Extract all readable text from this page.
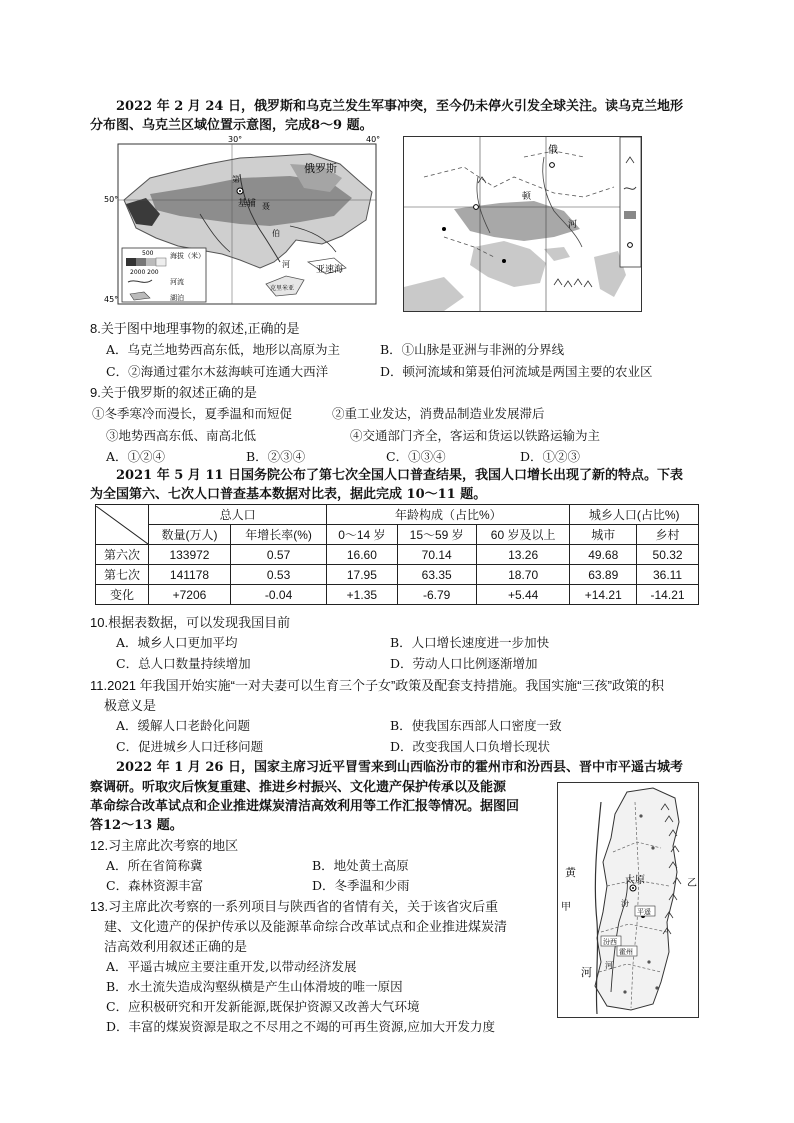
2022 年 2 月 24 日，俄罗斯和乌克兰发生军事冲突，至今仍未停火引发全球关注。读乌克兰地形
分布图、乌克兰区域位置示意图，完成8～9 题。
30°	40°
50°
45°
俄罗斯
基辅
第
聂
伯
河
亚速海
克里米亚
500
2000 200
海拔（米）
河流
湖泊
俄
顿
河
8.关于图中地理事物的叙述,正确的是
A．乌克兰地势西高东低，地形以高原为主	B．①山脉是亚洲与非洲的分界线
C．②海通过霍尔木兹海峡可连通大西洋	D．顿河流域和第聂伯河流域是两国主要的农业区
9.关于俄罗斯的叙述正确的是
①冬季寒冷而漫长，夏季温和而短促	②重工业发达，消费品制造业发展滞后
③地势西高东低、南高北低	④交通部门齐全，客运和货运以铁路运输为主
A．①②④	B．②③④	C．①③④	D．①②③
2021 年 5 月 11 日国务院公布了第七次全国人口普查结果，我国人口增长出现了新的特点。下表
为全国第六、七次人口普查基本数据对比表，据此完成 10～11 题。
	总人口		年龄构成（占比%）			城乡人口(占比%)	
	数量(万人)	年增长率(%)	0～14 岁	15～59 岁	60 岁及以上	城市	乡村
第六次	133972	0.57	16.60	70.14	13.26	49.68	50.32
第七次	141178	0.53	17.95	63.35	18.70	63.89	36.11
变化	+7206	-0.04	+1.35	-6.79	+5.44	+14.21	-14.21
10.根据表数据，可以发现我国目前
A．城乡人口更加平均	B．人口增长速度进一步加快
C．总人口数量持续增加	D．劳动人口比例逐渐增加
11.2021 年我国开始实施“一对夫妻可以生育三个子女”政策及配套支持措施。我国实施“三孩”政策的积
极意义是
A．缓解人口老龄化问题	B．使我国东西部人口密度一致
C．促进城乡人口迁移问题	D．改变我国人口负增长现状
2022 年 1 月 26 日，国家主席习近平冒雪来到山西临汾市的霍州市和汾西县、晋中市平遥古城考
察调研。听取灾后恢复重建、推进乡村振兴、文化遗产保护传承以及能源
革命综合改革试点和企业推进煤炭清洁高效利用等工作汇报等情况。据图回
答12～13 题。
12.习主席此次考察的地区
A．所在省简称冀	B．地处黄土高原
C．森林资源丰富	D．冬季温和少雨
13.习主席此次考察的一系列项目与陕西省的省情有关，关于该省灾后重
建、文化遗产的保护传承以及能源革命综合改革试点和企业推进煤炭清
洁高效利用叙述正确的是
A．平遥古城应主要注重开发,以带动经济发展
B．水土流失造成沟壑纵横是产生山体滑坡的唯一原因
C．应积极研究和开发新能源,既保护资源又改善大气环境
D．丰富的煤炭资源是取之不尽用之不竭的可再生资源,应加大开发力度
太原
平遥
汾西
霍州
甲
乙
黄
河
汾
河
